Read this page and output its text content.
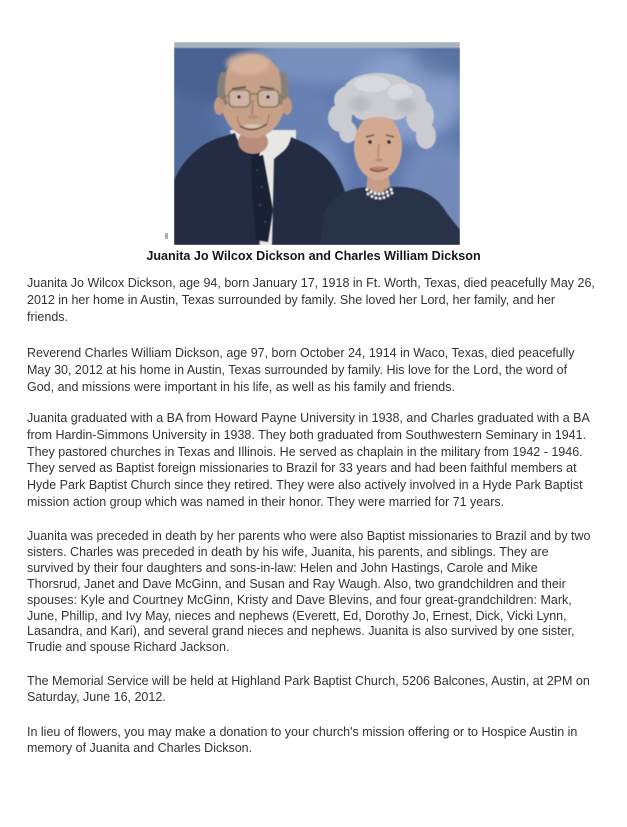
Juanita Jo Wilcox Dickson and Charles William Dickson
Juanita Jo Wilcox Dickson, age 94, born January 17, 1918 in Ft. Worth, Texas, died peacefully May 26,
2012 in her home in Austin, Texas surrounded by family. She loved her Lord, her family, and her
friends.
Reverend Charles William Dickson, age 97, born October 24, 1914 in Waco, Texas, died peacefully
May 30, 2012 at his home in Austin, Texas surrounded by family. His love for the Lord, the word of
God, and missions were important in his life, as well as his family and friends.
Juanita graduated with a BA from Howard Payne University in 1938, and Charles graduated with a BA
from Hardin-Simmons University in 1938. They both graduated from Southwestern Seminary in 1941.
They pastored churches in Texas and Illinois. He served as chaplain in the military from 1942 - 1946.
They served as Baptist foreign missionaries to Brazil for 33 years and had been faithful members at
Hyde Park Baptist Church since they retired. They were also actively involved in a Hyde Park Baptist
mission action group which was named in their honor. They were married for 71 years.
Juanita was preceded in death by her parents who were also Baptist missionaries to Brazil and by two
sisters. Charles was preceded in death by his wife, Juanita, his parents, and siblings. They are
survived by their four daughters and sons-in-law: Helen and John Hastings, Carole and Mike
Thorsrud, Janet and Dave McGinn, and Susan and Ray Waugh. Also, two grandchildren and their
spouses: Kyle and Courtney McGinn, Kristy and Dave Blevins, and four great-grandchildren: Mark,
June, Phillip, and Ivy May, nieces and nephews (Everett, Ed, Dorothy Jo, Ernest, Dick, Vicki Lynn,
Lasandra, and Kari), and several grand nieces and nephews. Juanita is also survived by one sister,
Trudie and spouse Richard Jackson.
The Memorial Service will be held at Highland Park Baptist Church, 5206 Balcones, Austin, at 2PM on
Saturday, June 16, 2012.
In lieu of flowers, you may make a donation to your church's mission offering or to Hospice Austin in
memory of Juanita and Charles Dickson.
